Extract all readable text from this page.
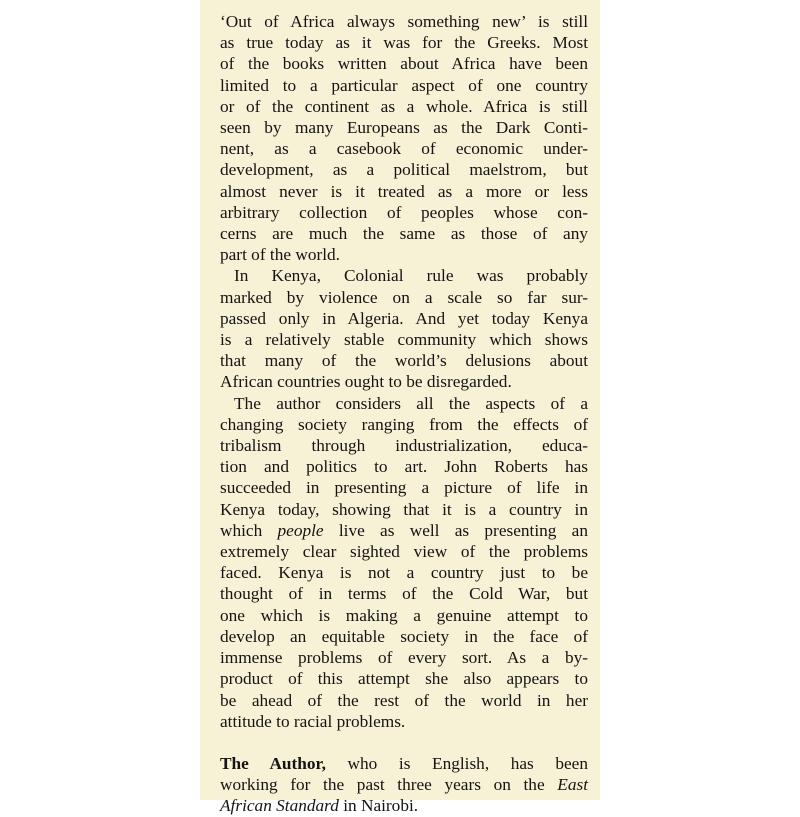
‘Out of Africa always something new’ is still
as true today as it was for the Greeks. Most
of the books written about Africa have been
limited to a particular aspect of one country
or of the continent as a whole. Africa is still
seen by many Europeans as the Dark Conti-
nent, as a casebook of economic under-
development, as a political maelstrom, but
almost never is it treated as a more or less
arbitrary collection of peoples whose con-
cerns are much the same as those of any
part of the world.
In Kenya, Colonial rule was probably
marked by violence on a scale so far sur-
passed only in Algeria. And yet today Kenya
is a relatively stable community which shows
that many of the world’s delusions about
African countries ought to be disregarded.
The author considers all the aspects of a
changing society ranging from the effects of
tribalism through industrialization, educa-
tion and politics to art. John Roberts has
succeeded in presenting a picture of life in
Kenya today, showing that it is a country in
which people live as well as presenting an
extremely clear sighted view of the problems
faced. Kenya is not a country just to be
thought of in terms of the Cold War, but
one which is making a genuine attempt to
develop an equitable society in the face of
immense problems of every sort. As a by-
product of this attempt she also appears to
be ahead of the rest of the world in her
attitude to racial problems.
The Author, who is English, has been
working for the past three years on the East
African Standard in Nairobi.
